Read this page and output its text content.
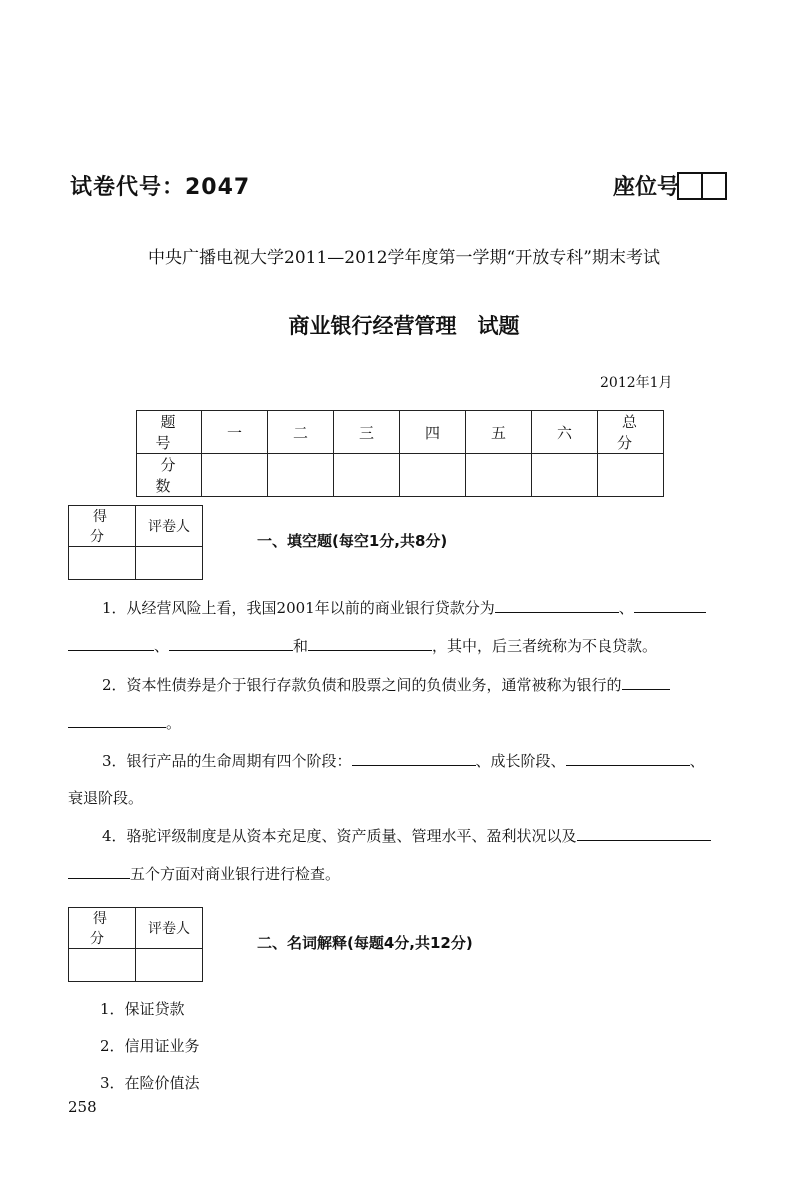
试卷代号：2047	座位号
中央广播电视大学2011—2012学年度第一学期“开放专科”期末考试
商业银行经营管理　试题
2012年1月
题　号	一	二	三	四	五	六	总　分
分　数							
得　分	评卷人

一、填空题(每空1分,共8分)
1．从经营风险上看，我国2001年以前的商业银行贷款分为	、
、	和	，其中，后三者统称为不良贷款。
2．资本性债券是介于银行存款负债和股票之间的负债业务，通常被称为银行的
。
3．银行产品的生命周期有四个阶段：	、成长阶段、	、
衰退阶段。
4．骆驼评级制度是从资本充足度、资产质量、管理水平、盈利状况以及
五个方面对商业银行进行检查。
得　分	评卷人

二、名词解释(每题4分,共12分)
1．保证贷款
2．信用证业务
3．在险价值法
258
